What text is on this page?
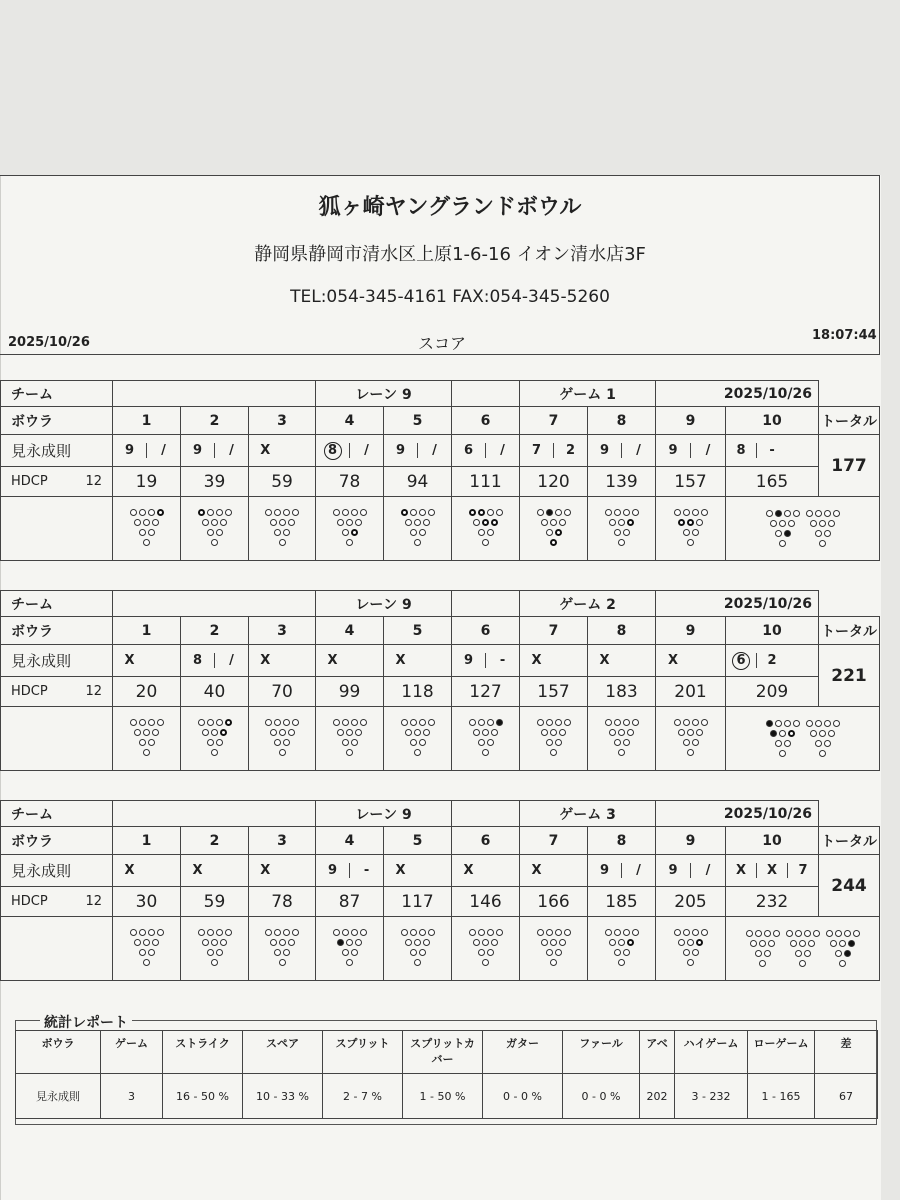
狐ヶ崎ヤングランドボウル
静岡県静岡市清水区上原1-6-16 イオン清水店3F
TEL:054-345-4161 FAX:054-345-5260
2025/10/26	スコア	18:07:44
チーム				レーン 9			ゲーム 1		2025/10/26		
ボウラ	1	2	3	4	5	6	7	8	9	10	トータル
見永成則	9 /	9 /	X	8 /	9 /	6 /	7 2	9 /	9 /	8 -	177
HDCP 12	19	39	59	78	94	111	120	139	157	165	

チーム				レーン 9			ゲーム 2		2025/10/26		
ボウラ	1	2	3	4	5	6	7	8	9	10	トータル
見永成則	X	8 /	X	X	X	9 -	X	X	X	6 2	221
HDCP 12	20	40	70	99	118	127	157	183	201	209	

チーム				レーン 9			ゲーム 3		2025/10/26		
ボウラ	1	2	3	4	5	6	7	8	9	10	トータル
見永成則	X	X	X	9 -	X	X	X	9 /	9 /	X X 7	244
HDCP 12	30	59	78	87	117	146	166	185	205	232	

統計レポート
ボウラ	ゲーム	ストライク	スペア	スプリット	スプリットカバー	ガター	ファール	アベ	ハイゲーム	ローゲーム	差
見永成則	3	16 - 50 %	10 - 33 %	2 - 7 %	1 - 50 %	0 - 0 %	0 - 0 %	202	3 - 232	1 - 165	67
